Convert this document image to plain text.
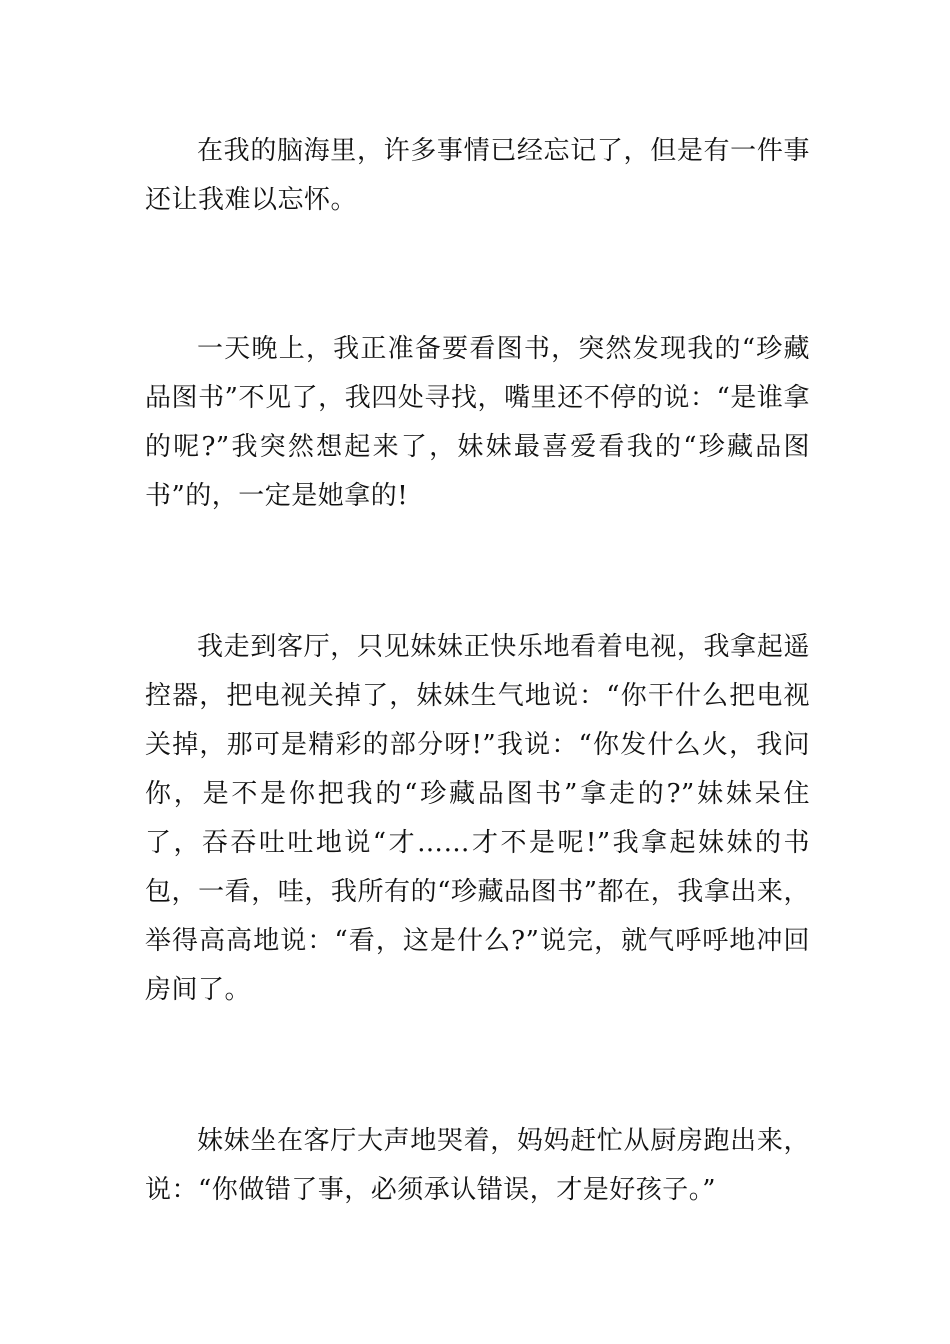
在我的脑海里，许多事情已经忘记了，但是有一件事还让我难以忘怀。

一天晚上，我正准备要看图书，突然发现我的“珍藏品图书”不见了，我四处寻找，嘴里还不停的说：“是谁拿的呢?”我突然想起来了，妹妹最喜爱看我的“珍藏品图书”的，一定是她拿的!

我走到客厅，只见妹妹正快乐地看着电视，我拿起遥控器，把电视关掉了，妹妹生气地说：“你干什么把电视关掉，那可是精彩的部分呀!”我说：“你发什么火，我问你，是不是你把我的“珍藏品图书”拿走的?”妹妹呆住了，吞吞吐吐地说“才……才不是呢!”我拿起妹妹的书包，一看，哇，我所有的“珍藏品图书”都在，我拿出来，举得高高地说：“看，这是什么?”说完，就气呼呼地冲回房间了。

妹妹坐在客厅大声地哭着，妈妈赶忙从厨房跑出来，说：“你做错了事，必须承认错误，才是好孩子。”
